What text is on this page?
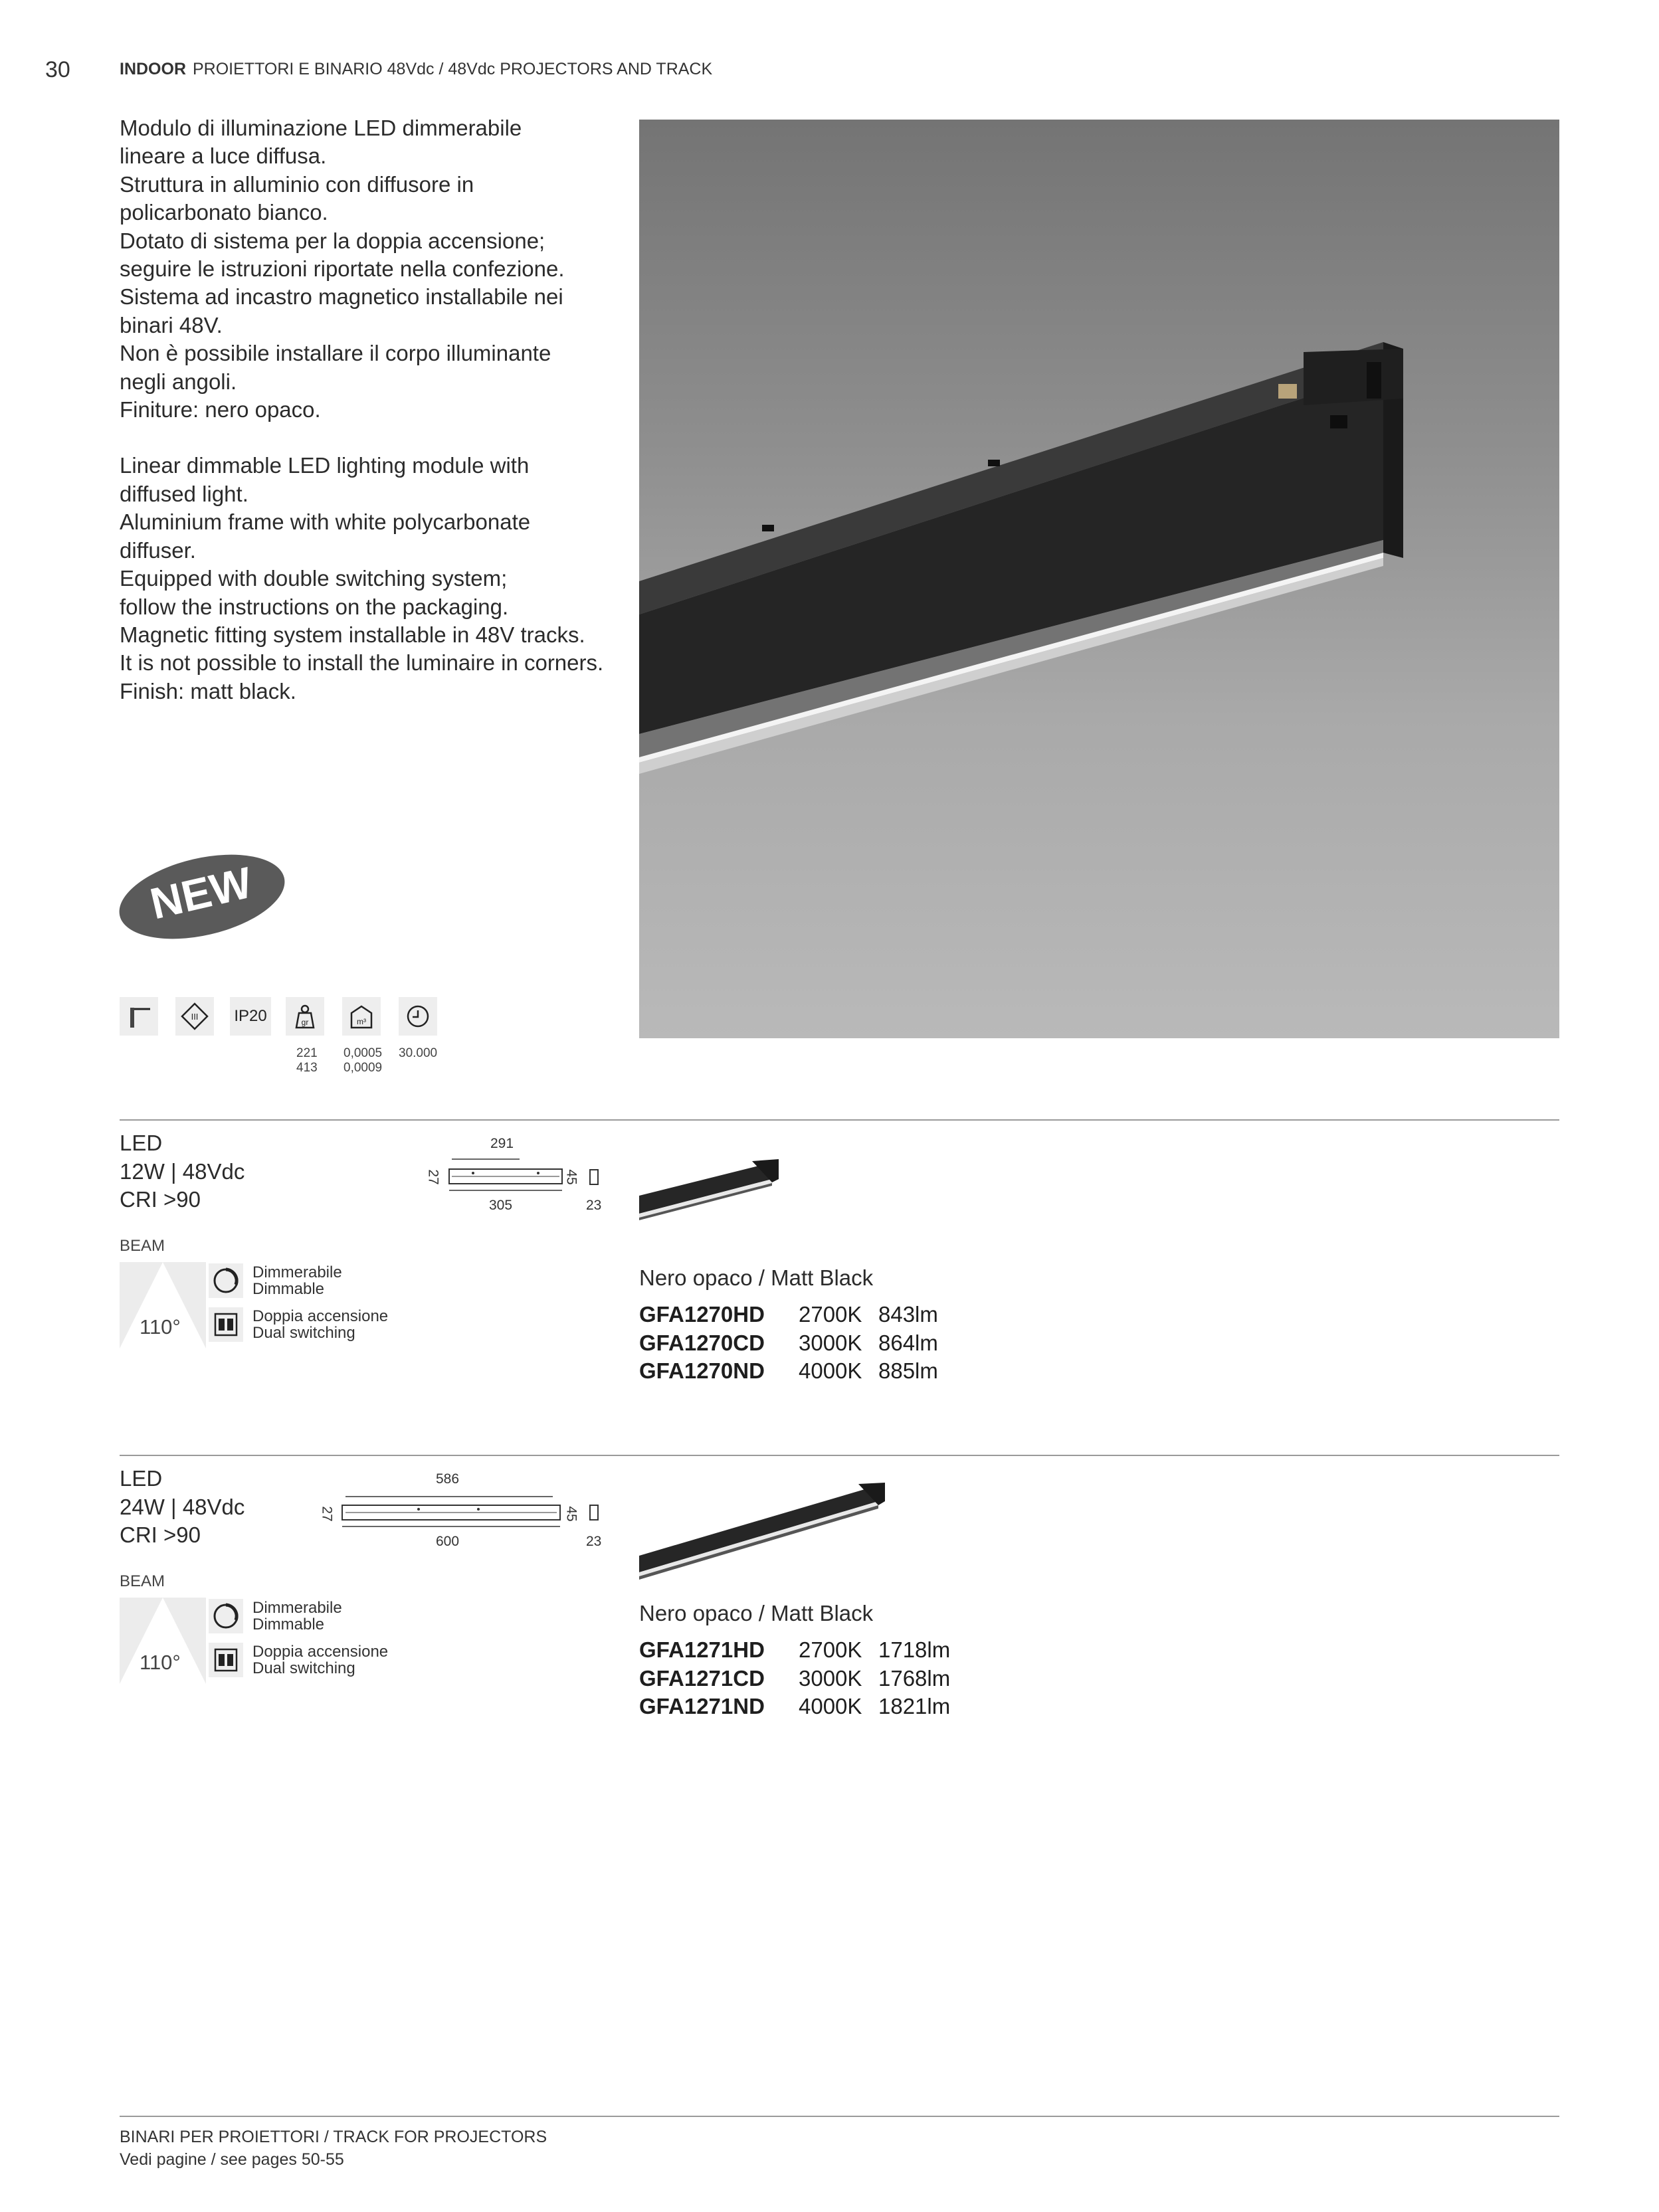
30	INDOOR PROIETTORI E BINARIO 48Vdc / 48Vdc PROJECTORS AND TRACK

Modulo di illuminazione LED dimmerabile

lineare a luce diffusa.

Struttura in alluminio con diffusore in

policarbonato bianco.

Dotato di sistema per la doppia accensione;

seguire le istruzioni riportate nella confezione.

Sistema ad incastro magnetico installabile nei

binari 48V.

Non è possibile installare il corpo illuminante

negli angoli.

Finiture: nero opaco.

Linear dimmable LED lighting module with

diffused light.

Aluminium frame with white polycarbonate

diffuser.

Equipped with double switching system;

follow the instructions on the packaging.

Magnetic fitting system installable in 48V tracks.

It is not possible to install the luminaire in corners.

Finish: matt black.

NEW
III IP20	gr	m³
221
413
0,0005
0,0009
30.000
LED
12W | 48Vdc
CRI >90
BEAM
110°
Dimmerabile
Dimmable
Doppia accensione
Dual switching
291
305
27	45
23
Nero opaco / Matt Black
GFA1270HD	2700K 843lm
GFA1270CD	3000K 864lm
GFA1270ND	4000K 885lm
LED
24W | 48Vdc
CRI >90
BEAM
110°
Dimmerabile
Dimmable
Doppia accensione
Dual switching
586
600
27	45
23
Nero opaco / Matt Black
GFA1271HD	2700K 1718lm
GFA1271CD	3000K 1768lm
GFA1271ND	4000K 1821lm
BINARI PER PROIETTORI / TRACK FOR PROJECTORS
Vedi pagine / see pages 50-55
